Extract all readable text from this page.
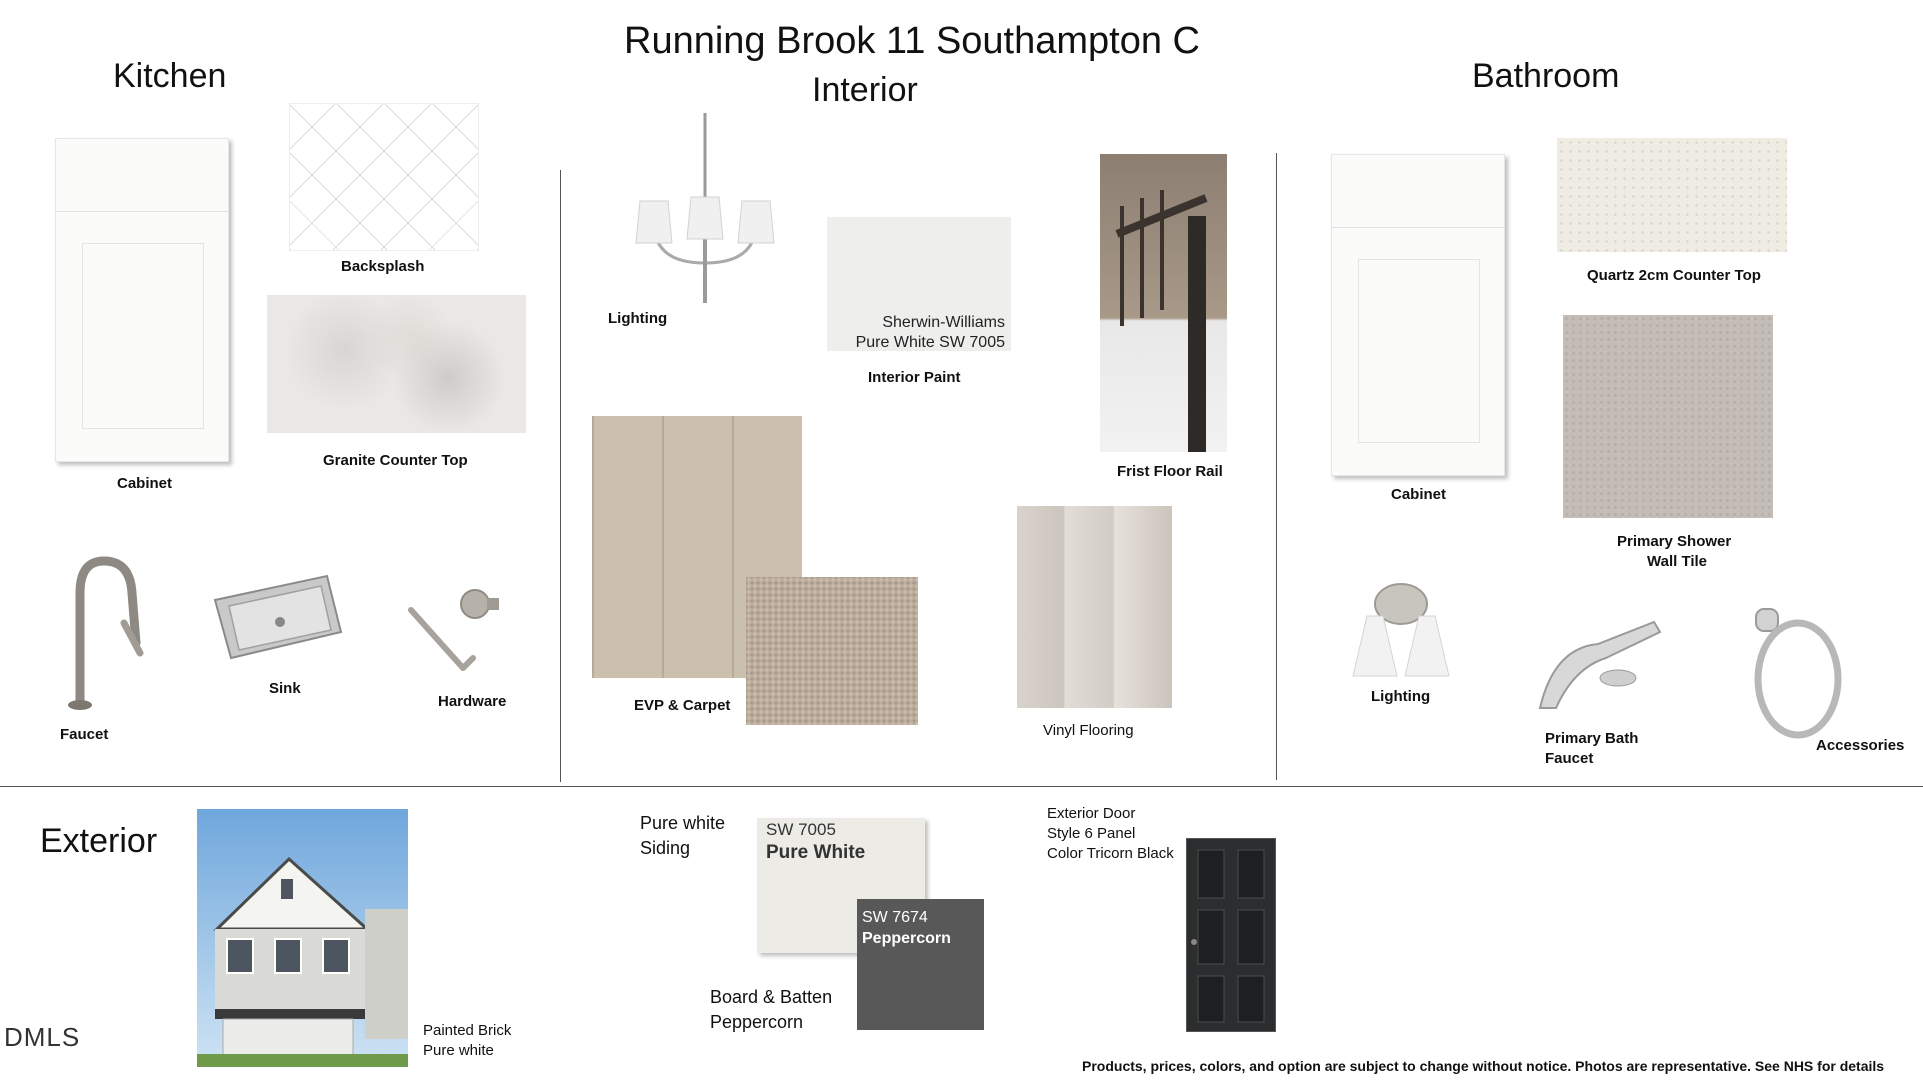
Running Brook 11 Southampton C
Kitchen	Interior	Bathroom
Cabinet
Backsplash
Granite Counter Top
Faucet
Sink
Hardware
Lighting	Sherwin-Williams
Pure White SW 7005
Interior Paint
Frist Floor Rail
EVP & Carpet
Vinyl Flooring
Cabinet
Quartz 2cm Counter Top
Primary Shower
Wall Tile
Lighting
Primary Bath
Faucet
Accessories
Exterior
Painted Brick
Pure white
Pure white
Siding
SW 7005
Pure White
SW 7674
Peppercorn
Board & Batten
Peppercorn
Exterior Door
Style 6 Panel
Color Tricorn Black
DMLS
Products, prices, colors, and option are subject to change without notice. Photos are representative. See NHS for details
